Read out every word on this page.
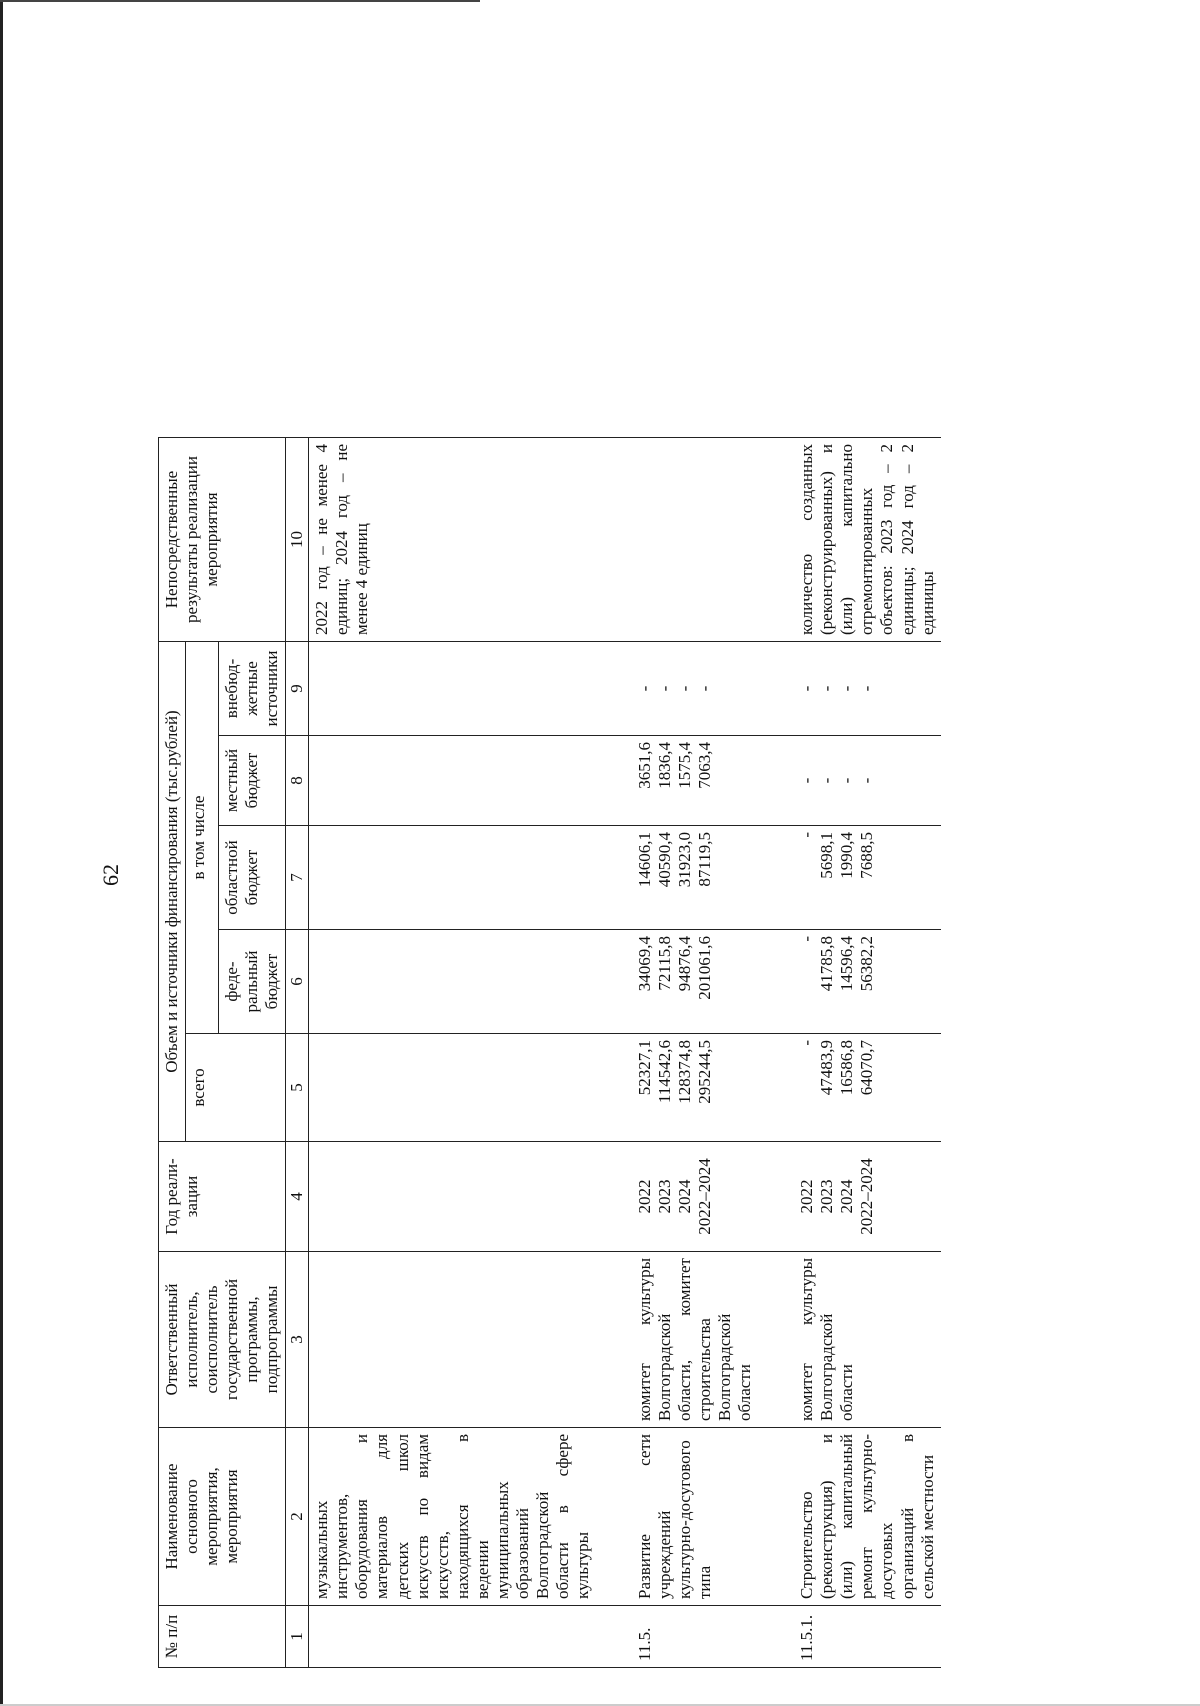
62
№ п/п	Наименование основного мероприятия, мероприятия	Ответственный исполнитель, соисполнитель государственной программы, подпрограммы	Год реали-зации	Объем и источники финансирования (тыс.рублей)					Непосредственные результаты реализации мероприятия
				всего	в том числе				
					феде-ральный бюджет	областной бюджет	местный бюджет	внебюд-жетные источники	
1	2	3	4	5	6	7	8	9	10
	музыкальных инструментов, оборудования и материалов для детских школ искусств по видам искусств, находящихся в ведении муниципальных образований Волгоградской области в сфере культуры								2022 год – не менее 4 единиц; 2024 год – не менее 4 единиц

11.5.	Развитие сети учреждений культурно-досугового типа	комитет культуры Волгоградской области, комитет строительства Волгоградской области	2022 2023 2024 2022–2024	52327,1 114542,6 128374,8 295244,5	34069,4 72115,8 94876,4 201061,6	14606,1 40590,4 31923,0 87119,5	3651,6 1836,4 1575,4 7063,4	- - - -	

11.5.1.	Строительство (реконструкция) и (или) капитальный ремонт культурно-досуговых организаций в сельской местности	комитет культуры Волгоградской области	2022 2023 2024 2022–2024	- 47483,9 16586,8 64070,7	- 41785,8 14596,4 56382,2	- 5698,1 1990,4 7688,5	- - - -	- - - -	количество созданных (реконструированных) и (или) капитально отремонтированных объектов: 2023 год – 2 единицы; 2024 год – 2 единицы
